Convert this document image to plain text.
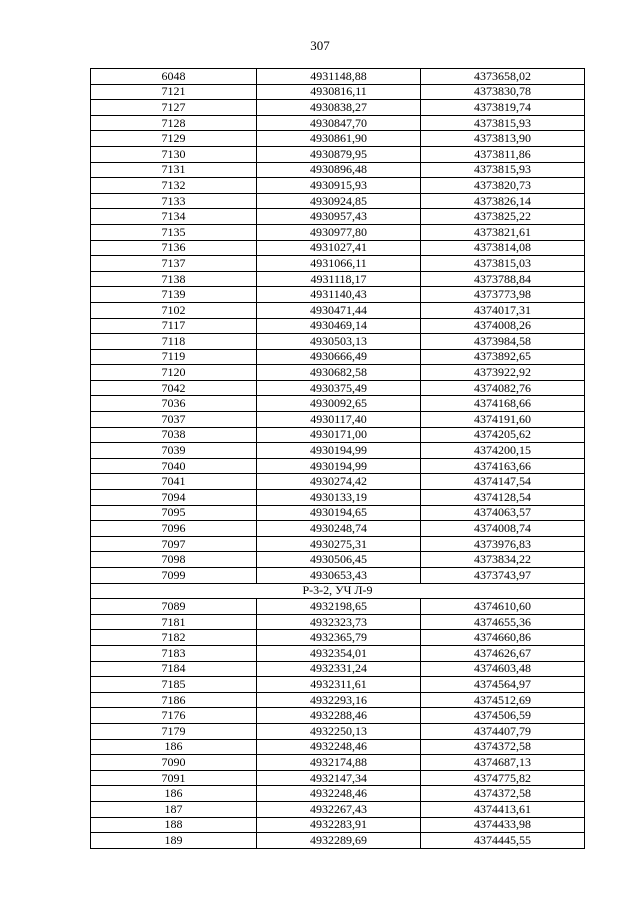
307
6048	4931148,88	4373658,02
7121	4930816,11	4373830,78
7127	4930838,27	4373819,74
7128	4930847,70	4373815,93
7129	4930861,90	4373813,90
7130	4930879,95	4373811,86
7131	4930896,48	4373815,93
7132	4930915,93	4373820,73
7133	4930924,85	4373826,14
7134	4930957,43	4373825,22
7135	4930977,80	4373821,61
7136	4931027,41	4373814,08
7137	4931066,11	4373815,03
7138	4931118,17	4373788,84
7139	4931140,43	4373773,98
7102	4930471,44	4374017,31
7117	4930469,14	4374008,26
7118	4930503,13	4373984,58
7119	4930666,49	4373892,65
7120	4930682,58	4373922,92
7042	4930375,49	4374082,76
7036	4930092,65	4374168,66
7037	4930117,40	4374191,60
7038	4930171,00	4374205,62
7039	4930194,99	4374200,15
7040	4930194,99	4374163,66
7041	4930274,42	4374147,54
7094	4930133,19	4374128,54
7095	4930194,65	4374063,57
7096	4930248,74	4374008,74
7097	4930275,31	4373976,83
7098	4930506,45	4373834,22
7099	4930653,43	4373743,97
Р-3-2, УЧ Л-9		
7089	4932198,65	4374610,60
7181	4932323,73	4374655,36
7182	4932365,79	4374660,86
7183	4932354,01	4374626,67
7184	4932331,24	4374603,48
7185	4932311,61	4374564,97
7186	4932293,16	4374512,69
7176	4932288,46	4374506,59
7179	4932250,13	4374407,79
186	4932248,46	4374372,58
7090	4932174,88	4374687,13
7091	4932147,34	4374775,82
186	4932248,46	4374372,58
187	4932267,43	4374413,61
188	4932283,91	4374433,98
189	4932289,69	4374445,55
